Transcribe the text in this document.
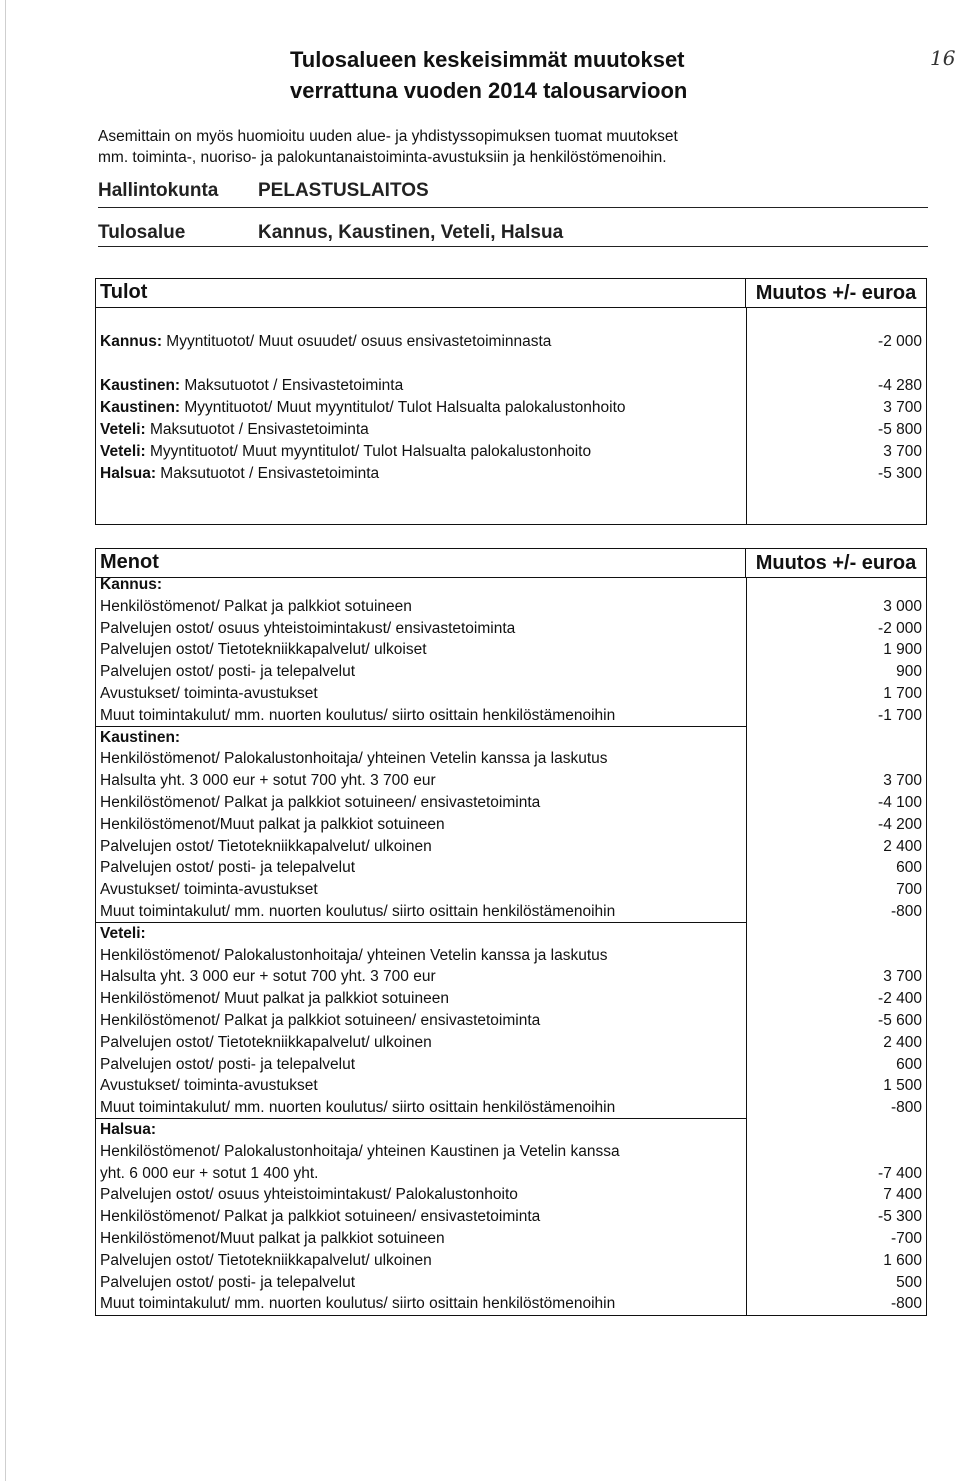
16
Tulosalueen keskeisimmät muutokset
verrattuna vuoden 2014 talousarvioon
Asemittain on myös huomioitu uuden alue- ja yhdistyssopimuksen tuomat muutokset
mm. toiminta-, nuoriso- ja palokuntanaistoiminta-avustuksiin ja henkilöstömenoihin.
Hallintokunta PELASTUSLAITOS
Tulosalue	Kannus, Kaustinen, Veteli, Halsua
Tulot	Muutos +/- euroa
Kannus: Myyntituotot/ Muut osuudet/ osuus ensivastetoiminnasta	-2 000
Kaustinen: Maksutuotot / Ensivastetoiminta	-4 280
Kaustinen: Myyntituotot/ Muut myyntitulot/ Tulot Halsualta palokalustonhoito	3 700
Veteli: Maksutuotot / Ensivastetoiminta	-5 800
Veteli: Myyntituotot/ Muut myyntitulot/ Tulot Halsualta palokalustonhoito	3 700
Halsua: Maksutuotot / Ensivastetoiminta	-5 300
Menot	Muutos +/- euroa
Kannus:
Henkilöstömenot/ Palkat ja palkkiot sotuineen	3 000
Palvelujen ostot/ osuus yhteistoimintakust/ ensivastetoiminta	-2 000
Palvelujen ostot/ Tietotekniikkapalvelut/ ulkoiset	1 900
Palvelujen ostot/ posti- ja telepalvelut	900
Avustukset/ toiminta-avustukset	1 700
Muut toimintakulut/ mm. nuorten koulutus/ siirto osittain henkilöstämenoihin	-1 700
Kaustinen:
Henkilöstömenot/ Palokalustonhoitaja/ yhteinen Vetelin kanssa ja laskutus
Halsulta yht. 3 000 eur + sotut 700 yht. 3 700 eur	3 700
Henkilöstömenot/ Palkat ja palkkiot sotuineen/ ensivastetoiminta	-4 100
Henkilöstömenot/Muut palkat ja palkkiot sotuineen	-4 200
Palvelujen ostot/ Tietotekniikkapalvelut/ ulkoinen	2 400
Palvelujen ostot/ posti- ja telepalvelut	600
Avustukset/ toiminta-avustukset	700
Muut toimintakulut/ mm. nuorten koulutus/ siirto osittain henkilöstämenoihin	-800
Veteli:
Henkilöstömenot/ Palokalustonhoitaja/ yhteinen Vetelin kanssa ja laskutus
Halsulta yht. 3 000 eur + sotut 700 yht. 3 700 eur	3 700
Henkilöstömenot/ Muut palkat ja palkkiot sotuineen	-2 400
Henkilöstömenot/ Palkat ja palkkiot sotuineen/ ensivastetoiminta	-5 600
Palvelujen ostot/ Tietotekniikkapalvelut/ ulkoinen	2 400
Palvelujen ostot/ posti- ja telepalvelut	600
Avustukset/ toiminta-avustukset	1 500
Muut toimintakulut/ mm. nuorten koulutus/ siirto osittain henkilöstämenoihin	-800
Halsua:
Henkilöstömenot/ Palokalustonhoitaja/ yhteinen Kaustinen ja Vetelin kanssa
yht. 6 000 eur + sotut 1 400 yht.	-7 400
Palvelujen ostot/ osuus yhteistoimintakust/ Palokalustonhoito	7 400
Henkilöstömenot/ Palkat ja palkkiot sotuineen/ ensivastetoiminta	-5 300
Henkilöstömenot/Muut palkat ja palkkiot sotuineen	-700
Palvelujen ostot/ Tietotekniikkapalvelut/ ulkoinen	1 600
Palvelujen ostot/ posti- ja telepalvelut	500
Muut toimintakulut/ mm. nuorten koulutus/ siirto osittain henkilöstömenoihin	-800
